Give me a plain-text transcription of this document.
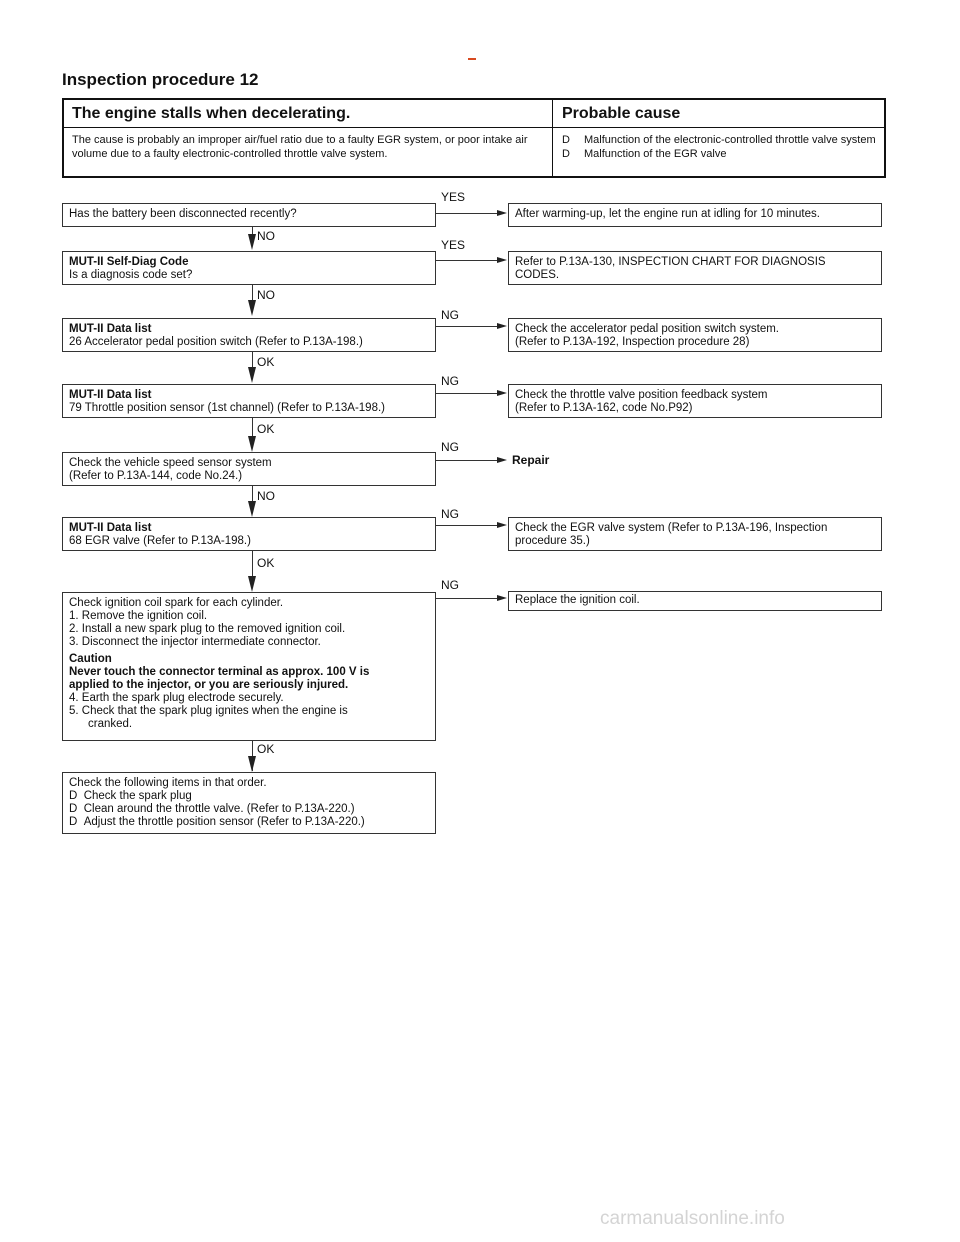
Inspection procedure 12
The engine stalls when decelerating.	Probable cause
The cause is probably an improper air/fuel ratio due to a faulty EGR system, or poor intake air volume due to a faulty electronic-controlled throttle valve system.
D Malfunction of the electronic-controlled throttle valve system
D Malfunction of the EGR valve
Has the battery been disconnected recently?
YES
After warming-up, let the engine run at idling for 10 minutes.
NO
MUT-II Self-Diag Code
Is a diagnosis code set?
YES
Refer to P.13A-130, INSPECTION CHART FOR DIAGNOSIS
CODES.
NO
MUT-II Data list
26 Accelerator pedal position switch (Refer to P.13A-198.)
NG
Check the accelerator pedal position switch system.
(Refer to P.13A-192, Inspection procedure 28)
OK
MUT-II Data list
79 Throttle position sensor (1st channel) (Refer to P.13A-198.)
NG
Check the throttle valve position feedback system
(Refer to P.13A-162, code No.P92)
OK
Check the vehicle speed sensor system
(Refer to P.13A-144, code No.24.)
NG
Repair
NO
MUT-II Data list
68 EGR valve (Refer to P.13A-198.)
NG
Check the EGR valve system (Refer to P.13A-196, Inspection
procedure 35.)
OK
Check ignition coil spark for each cylinder.
1. Remove the ignition coil.
2. Install a new spark plug to the removed ignition coil.
3. Disconnect the injector intermediate connector.
Caution
Never touch the connector terminal as approx. 100 V is
applied to the injector, or you are seriously injured.
4. Earth the spark plug electrode securely.
5. Check that the spark plug ignites when the engine is
cranked.
NG
Replace the ignition coil.
OK
Check the following items in that order.
D Check the spark plug
D Clean around the throttle valve. (Refer to P.13A-220.)
D Adjust the throttle position sensor (Refer to P.13A-220.)
carmanualsonline.info
